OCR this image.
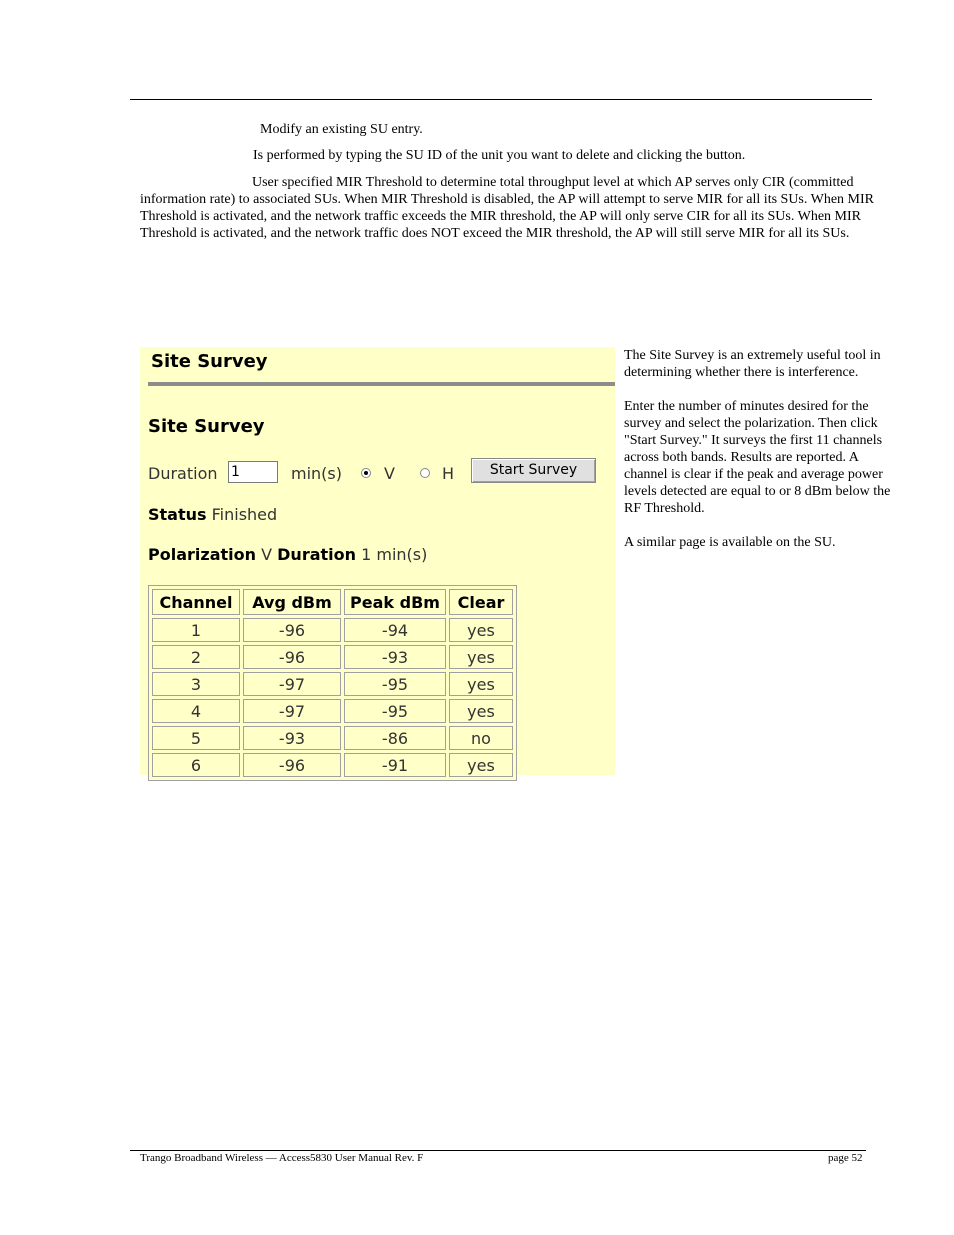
Modify an existing SU entry.
Is performed by typing the SU ID of the unit you want to delete and clicking the button.
User specified MIR Threshold to determine total throughput level at which AP serves only CIR (committed information rate) to associated SUs. When MIR Threshold is disabled, the AP will attempt to serve MIR for all its SUs. When MIR Threshold is activated, and the network traffic exceeds the MIR threshold, the AP will only serve CIR for all its SUs. When MIR Threshold is activated, and the network traffic does NOT exceed the MIR threshold, the AP will still serve MIR for all its SUs.
Site Survey
Site Survey
Duration 1	min(s)	V	H	Start Survey
Status Finished
Polarization V Duration 1 min(s)
Channel	Avg dBm	Peak dBm	Clear
1	-96	-94	yes
2	-96	-93	yes
3	-97	-95	yes
4	-97	-95	yes
5	-93	-86	no
6	-96	-91	yes

The Site Survey is an extremely useful tool in determining whether there is interference.

Enter the number of minutes desired for the survey and select the polarization. Then click "Start Survey." It surveys the first 11 channels across both bands. Results are reported. A channel is clear if the peak and average power levels detected are equal to or 8 dBm below the RF Threshold.

A similar page is available on the SU.

Trango Broadband Wireless — Access5830 User Manual Rev. F	page 52
